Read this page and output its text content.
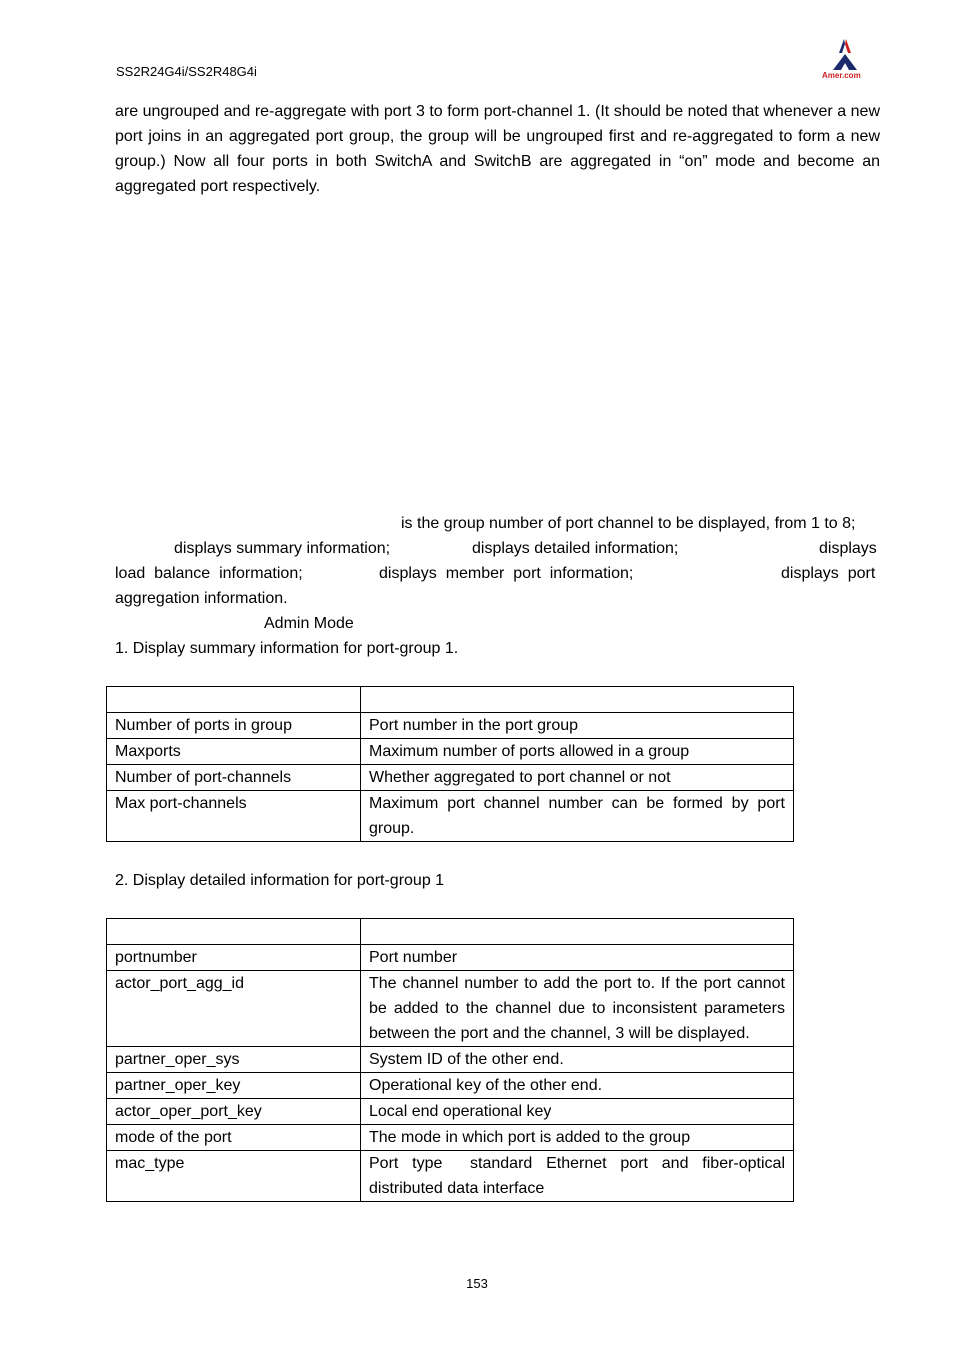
SS2R24G4i/SS2R48G4i	Amer.com

are ungrouped and re-aggregate with port 3 to form port-channel 1. (It should be noted that whenever a new port joins in an aggregated port group, the group will be ungrouped first and re-aggregated to form a new group.) Now all four ports in both SwitchA and SwitchB are aggregated in “on” mode and become an aggregated port respectively.

is the group number of port channel to be displayed, from 1 to 8;
displays summary information;	displays detailed information;	displays
load  balance  information;	displays  member  port  information;	displays  port
aggregation information.
Admin Mode
1. Display summary information for port-group 1.

Number of ports in group	Port number in the port group
Maxports	Maximum number of ports allowed in a group
Number of port-channels	Whether aggregated to port channel or not
Max port-channels	Maximum port channel number can be formed by port group.
2. Display detailed information for port-group 1

portnumber	Port number
actor_port_agg_id	The channel number to add the port to. If the port cannot be added to the channel due to inconsistent parameters between the port and the channel, 3 will be displayed.
partner_oper_sys	System ID of the other end.
partner_oper_key	Operational key of the other end.
actor_oper_port_key	Local end operational key
mode of the port	The mode in which port is added to the group
mac_type	Port type  standard Ethernet port and fiber-optical distributed data interface
153
